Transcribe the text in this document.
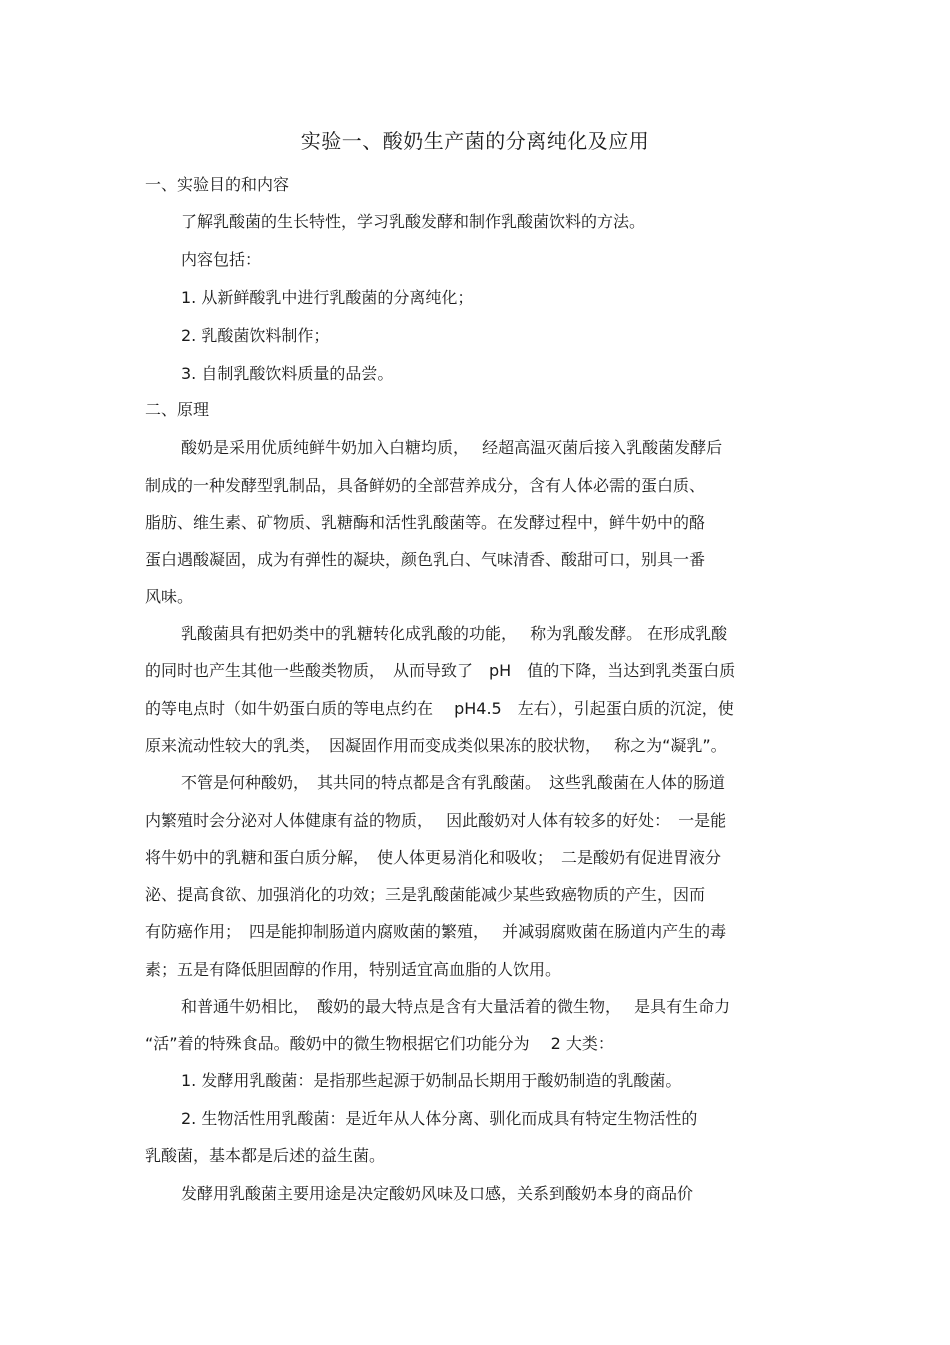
实验一、酸奶生产菌的分离纯化及应用
一、实验目的和内容
了解乳酸菌的生长特性，学习乳酸发酵和制作乳酸菌饮料的方法。
内容包括：
1. 从新鲜酸乳中进行乳酸菌的分离纯化；
2. 乳酸菌饮料制作；
3. 自制乳酸饮料质量的品尝。
二、原理
酸奶是采用优质纯鲜牛奶加入白糖均质，　 经超高温灭菌后接入乳酸菌发酵后
制成的一种发酵型乳制品，具备鲜奶的全部营养成分，含有人体必需的蛋白质、
脂肪、维生素、矿物质、乳糖酶和活性乳酸菌等。在发酵过程中，鲜牛奶中的酪
蛋白遇酸凝固，成为有弹性的凝块，颜色乳白、气味清香、酸甜可口，别具一番
风味。
乳酸菌具有把奶类中的乳糖转化成乳酸的功能，　 称为乳酸发酵。 在形成乳酸
的同时也产生其他一些酸类物质，　从而导致了　pH　值的下降，当达到乳类蛋白质
的等电点时（如牛奶蛋白质的等电点约在　 pH4.5　左右），引起蛋白质的沉淀，使
原来流动性较大的乳类，　因凝固作用而变成类似果冻的胶状物，　 称之为“凝乳”。
不管是何种酸奶，　其共同的特点都是含有乳酸菌。　这些乳酸菌在人体的肠道
内繁殖时会分泌对人体健康有益的物质，　 因此酸奶对人体有较多的好处：　一是能
将牛奶中的乳糖和蛋白质分解，　使人体更易消化和吸收；　二是酸奶有促进胃液分
泌、提高食欲、加强消化的功效；三是乳酸菌能减少某些致癌物质的产生，因而
有防癌作用；　四是能抑制肠道内腐败菌的繁殖，　 并减弱腐败菌在肠道内产生的毒
素；五是有降低胆固醇的作用，特别适宜高血脂的人饮用。
和普通牛奶相比，　酸奶的最大特点是含有大量活着的微生物，　 是具有生命力
“活”着的特殊食品。酸奶中的微生物根据它们功能分为　 2 大类：
1. 发酵用乳酸菌：是指那些起源于奶制品长期用于酸奶制造的乳酸菌。
2. 生物活性用乳酸菌：是近年从人体分离、驯化而成具有特定生物活性的
乳酸菌，基本都是后述的益生菌。
发酵用乳酸菌主要用途是决定酸奶风味及口感，关系到酸奶本身的商品价
